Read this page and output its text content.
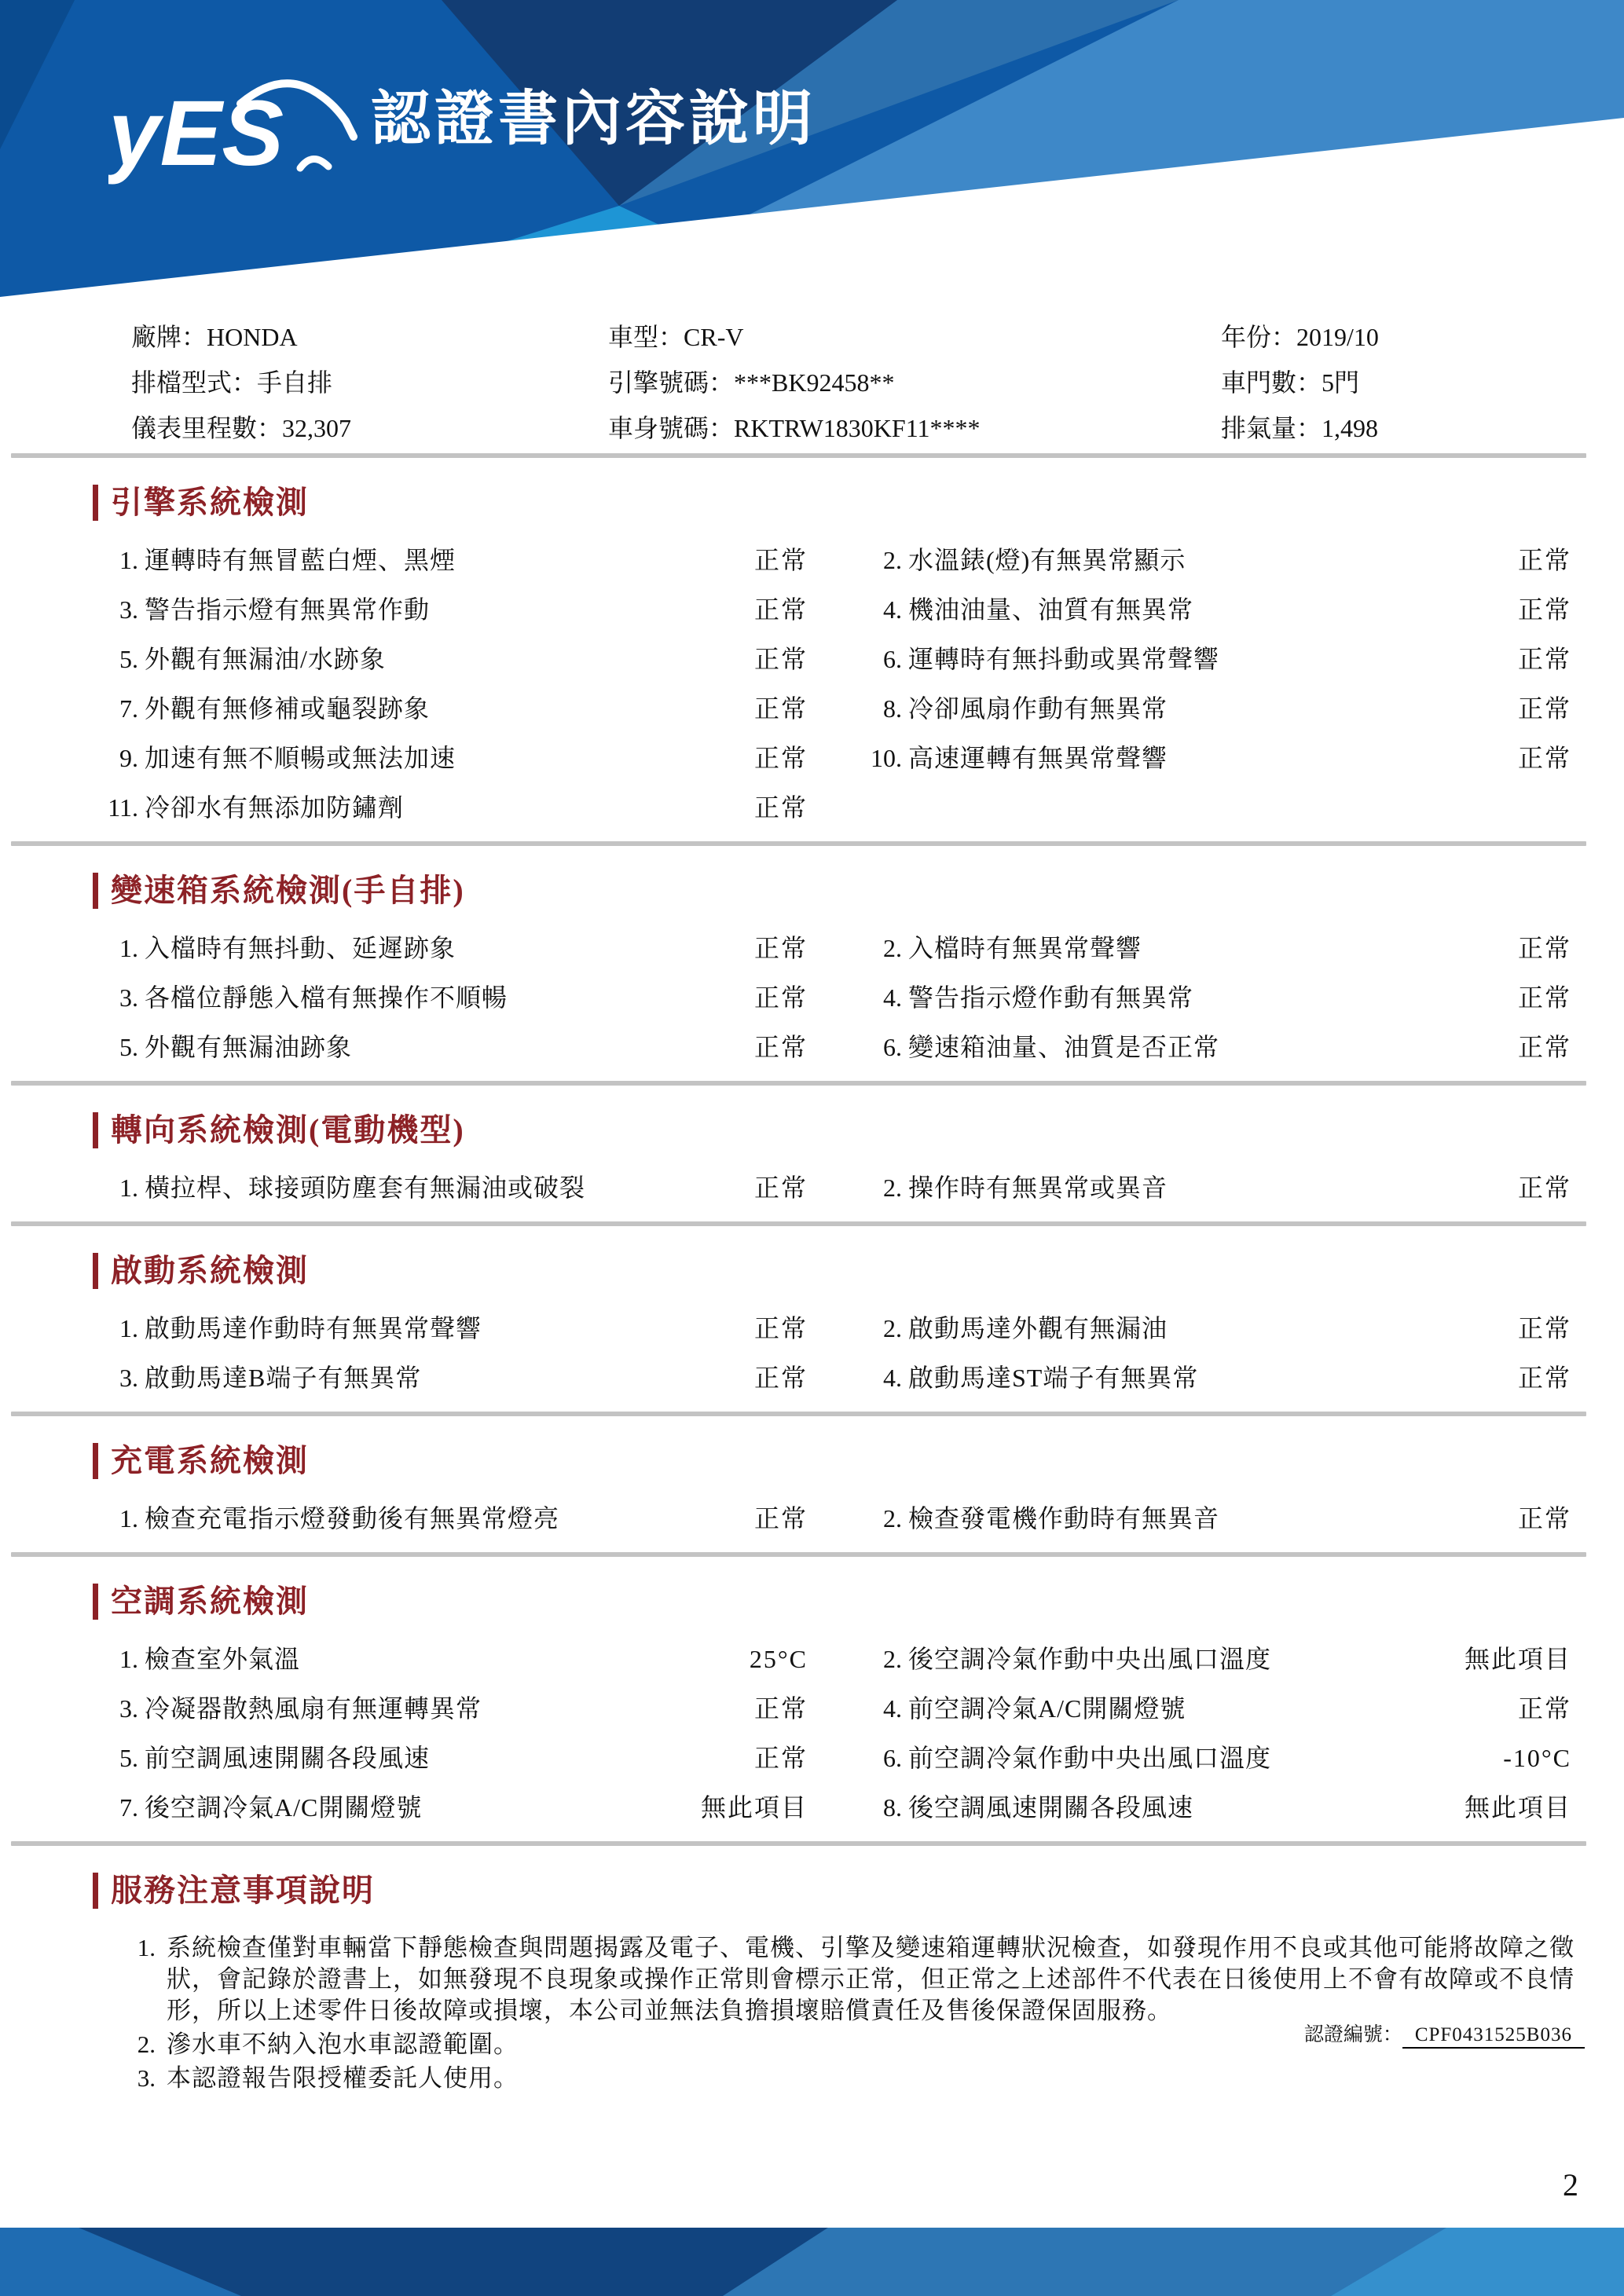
yES 認證書內容說明
廠牌：HONDA	車型：CR-V	年份：2019/10
排檔型式：手自排	引擎號碼：***BK92458**	車門數：5門
儀表里程數：32,307	車身號碼：RKTRW1830KF11****	排氣量：1,498
引擎系統檢測
1. 運轉時有無冒藍白煙、黑煙	正常	2. 水溫錶(燈)有無異常顯示	正常
3. 警告指示燈有無異常作動	正常	4. 機油油量、油質有無異常	正常
5. 外觀有無漏油/水跡象	正常	6. 運轉時有無抖動或異常聲響	正常
7. 外觀有無修補或龜裂跡象	正常	8. 冷卻風扇作動有無異常	正常
9. 加速有無不順暢或無法加速	正常	10. 高速運轉有無異常聲響	正常
11. 冷卻水有無添加防鏽劑	正常
變速箱系統檢測(手自排)
1. 入檔時有無抖動、延遲跡象	正常	2. 入檔時有無異常聲響	正常
3. 各檔位靜態入檔有無操作不順暢	正常	4. 警告指示燈作動有無異常	正常
5. 外觀有無漏油跡象	正常	6. 變速箱油量、油質是否正常	正常
轉向系統檢測(電動機型)
1. 橫拉桿、球接頭防塵套有無漏油或破裂	正常	2. 操作時有無異常或異音	正常
啟動系統檢測
1. 啟動馬達作動時有無異常聲響	正常	2. 啟動馬達外觀有無漏油	正常
3. 啟動馬達B端子有無異常	正常	4. 啟動馬達ST端子有無異常	正常
充電系統檢測
1. 檢查充電指示燈發動後有無異常燈亮	正常	2. 檢查發電機作動時有無異音	正常
空調系統檢測
1. 檢查室外氣溫	25°C	2. 後空調冷氣作動中央出風口溫度	無此項目
3. 冷凝器散熱風扇有無運轉異常	正常	4. 前空調冷氣A/C開關燈號	正常
5. 前空調風速開關各段風速	正常	6. 前空調冷氣作動中央出風口溫度	-10°C
7. 後空調冷氣A/C開關燈號	無此項目	8. 後空調風速開關各段風速	無此項目
服務注意事項說明
1. 系統檢查僅對車輛當下靜態檢查與問題揭露及電子、電機、引擎及變速箱運轉狀況檢查，如發現作用不良或其他可能將故障之徵狀，會記錄於證書上，如無發現不良現象或操作正常則會標示正常，但正常之上述部件不代表在日後使用上不會有故障或不良情形，所以上述零件日後故障或損壞，本公司並無法負擔損壞賠償責任及售後保證保固服務。
2. 滲水車不納入泡水車認證範圍。
3. 本認證報告限授權委託人使用。
認證編號： CPF0431525B036
2
